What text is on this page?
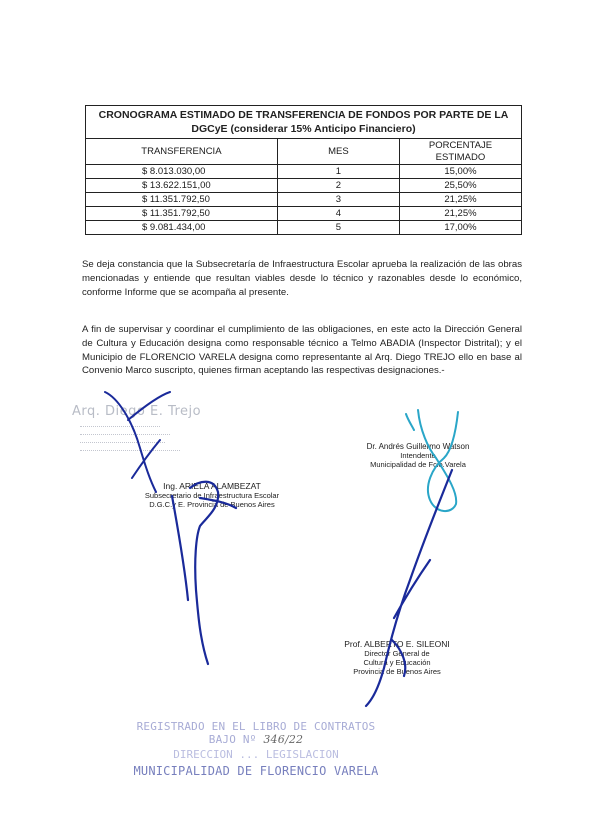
CRONOGRAMA ESTIMADO DE TRANSFERENCIA DE FONDOS POR PARTE DE LA DGCyE (considerar 15% Anticipo Financiero)		
TRANSFERENCIA	MES	PORCENTAJE ESTIMADO
$ 8.013.030,00	1	15,00%
$ 13.622.151,00	2	25,50%
$ 11.351.792,50	3	21,25%
$ 11.351.792,50	4	21,25%
$ 9.081.434,00	5	17,00%
Se deja constancia que la Subsecretaría de Infraestructura Escolar aprueba la realización de las obras mencionadas y entiende que resultan viables desde lo técnico y razonables desde lo económico, conforme Informe que se acompaña al presente.
A fin de supervisar y coordinar el cumplimiento de las obligaciones, en este acto la Dirección General de Cultura y Educación designa como responsable técnico a Telmo ABADIA (Inspector Distrital); y el Municipio de FLORENCIO VARELA designa como representante al Arq. Diego TREJO ello en base al Convenio Marco suscripto, quienes firman aceptando las respectivas designaciones.-
Arq. Diego E. Trejo
Ing. ARIELA ALAMBEZAT
Subsecretario de Infraestructura Escolar
D.G.C.y E. Provincia de Buenos Aires
Dr. Andrés Guillermo Watson
Intendente
Municipalidad de Fcio.Varela
Prof. ALBERTO E. SILEONI
Director General de
Cultura y Educación
Provincia de Buenos Aires
REGISTRADO EN EL LIBRO DE CONTRATOS BAJO Nº 346/22
DIRECCION ... LEGISLACION
MUNICIPALIDAD DE FLORENCIO VARELA
